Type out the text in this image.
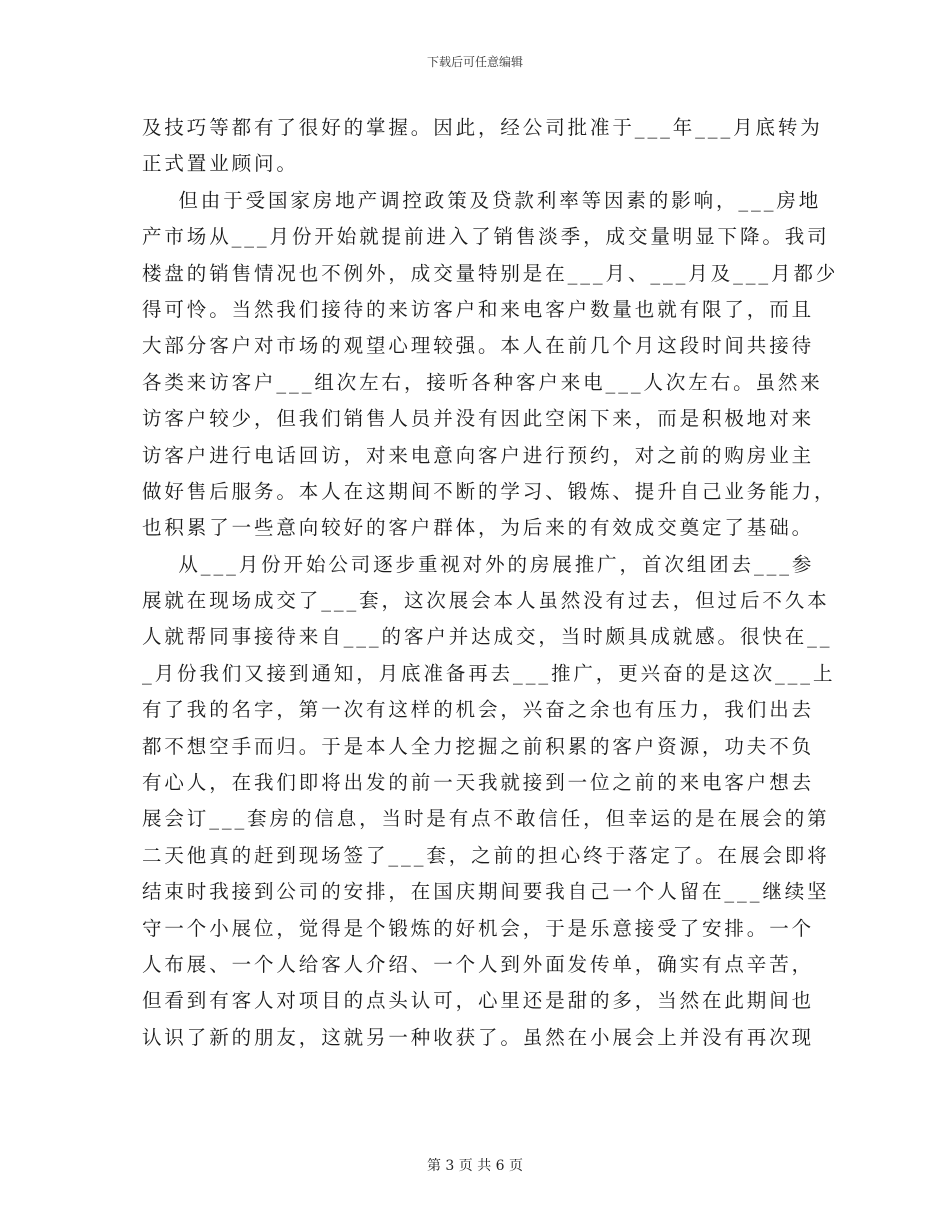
下载后可任意编辑
及技巧等都有了很好的掌握。因此，经公司批准于___年___月底转为
正式置业顾问。
但由于受国家房地产调控政策及贷款利率等因素的影响，___房地
产市场从___月份开始就提前进入了销售淡季，成交量明显下降。我司
楼盘的销售情况也不例外，成交量特别是在___月、___月及___月都少
得可怜。当然我们接待的来访客户和来电客户数量也就有限了，而且
大部分客户对市场的观望心理较强。本人在前几个月这段时间共接待
各类来访客户___组次左右，接听各种客户来电___人次左右。虽然来
访客户较少，但我们销售人员并没有因此空闲下来，而是积极地对来
访客户进行电话回访，对来电意向客户进行预约，对之前的购房业主
做好售后服务。本人在这期间不断的学习、锻炼、提升自己业务能力，
也积累了一些意向较好的客户群体，为后来的有效成交奠定了基础。
从___月份开始公司逐步重视对外的房展推广，首次组团去___参
展就在现场成交了___套，这次展会本人虽然没有过去，但过后不久本
人就帮同事接待来自___的客户并达成交，当时颇具成就感。很快在__
_月份我们又接到通知，月底准备再去___推广，更兴奋的是这次___上
有了我的名字，第一次有这样的机会，兴奋之余也有压力，我们出去
都不想空手而归。于是本人全力挖掘之前积累的客户资源，功夫不负
有心人，在我们即将出发的前一天我就接到一位之前的来电客户想去
展会订___套房的信息，当时是有点不敢信任，但幸运的是在展会的第
二天他真的赶到现场签了___套，之前的担心终于落定了。在展会即将
结束时我接到公司的安排，在国庆期间要我自己一个人留在___继续坚
守一个小展位，觉得是个锻炼的好机会，于是乐意接受了安排。一个
人布展、一个人给客人介绍、一个人到外面发传单，确实有点辛苦，
但看到有客人对项目的点头认可，心里还是甜的多，当然在此期间也
认识了新的朋友，这就另一种收获了。虽然在小展会上并没有再次现
第 3 页 共 6 页
